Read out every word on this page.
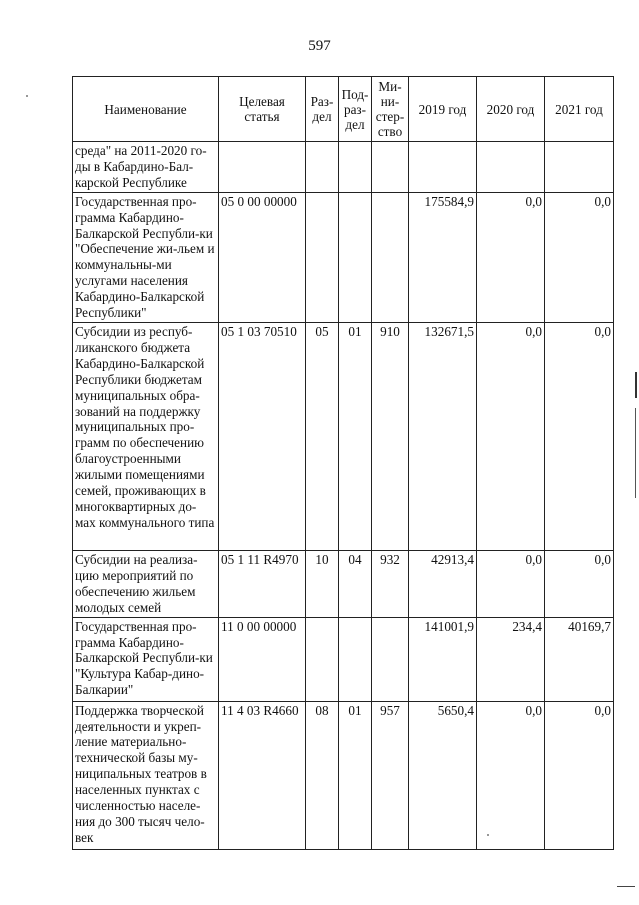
597
Наименование	Целевая статья	Раз-дел	Под-раз-дел	Ми-ни-стер-ство	2019 год	2020 год	2021 год
среда" на 2011-2020 го-ды в Кабардино-Бал-карской Республике							
Государственная про-грамма Кабардино-Балкарской Республи-ки "Обеспечение жи-льем и коммунальны-ми услугами населения Кабардино-Балкарской Республики"	05 0 00 00000				175584,9	0,0	0,0
Субсидии из респуб-ликанского бюджета Кабардино-Балкарской Республики бюджетам муниципальных обра-зований на поддержку муниципальных про-грамм по обеспечению благоустроенными жилыми помещениями семей, проживающих в многоквартирных до-мах коммунального типа	05 1 03 70510	05	01	910	132671,5	0,0	0,0
Субсидии на реализа-цию мероприятий по обеспечению жильем молодых семей	05 1 11 R4970	10	04	932	42913,4	0,0	0,0
Государственная про-грамма Кабардино-Балкарской Республи-ки "Культура Кабар-дино-Балкарии"	11 0 00 00000				141001,9	234,4	40169,7
Поддержка творческой деятельности и укреп-ление материально-технической базы му-ниципальных театров в населенных пунктах с численностью населе-ния до 300 тысяч чело-век	11 4 03 R4660	08	01	957	5650,4	0,0	0,0
